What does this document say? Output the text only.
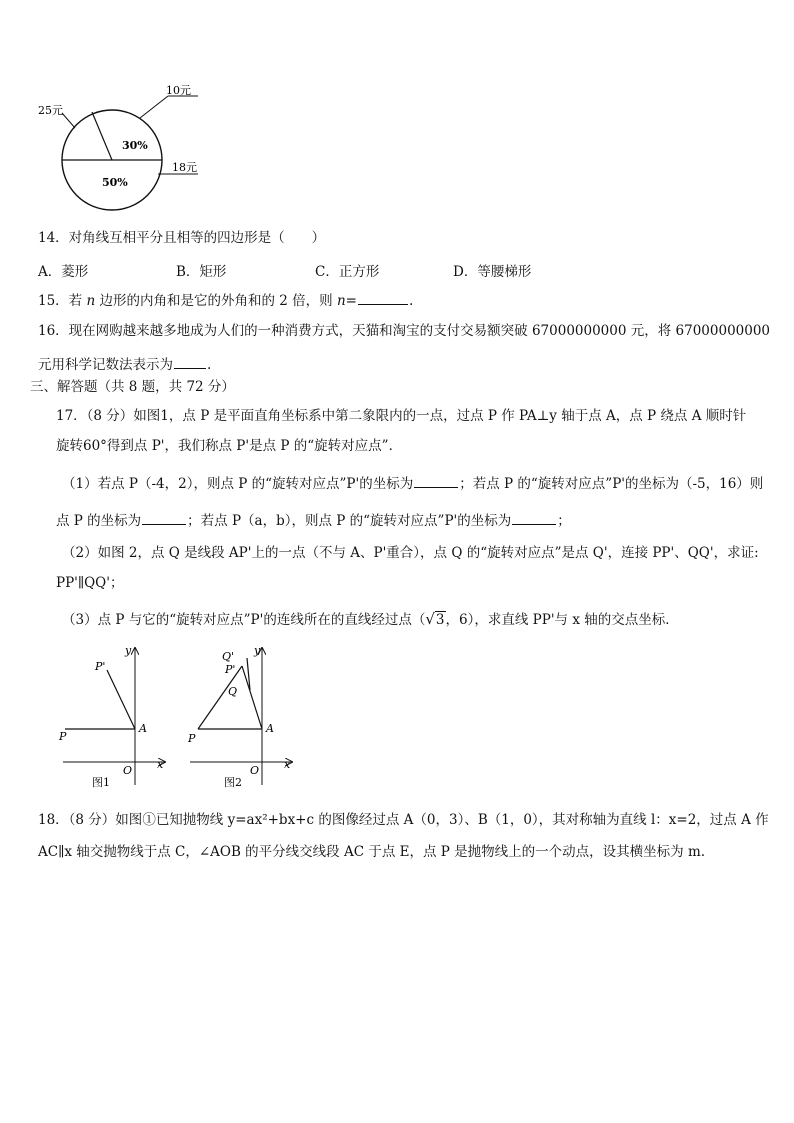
25元
10元
18元
30%
50%
14．对角线互相平分且相等的四边形是（　　）
A．菱形	B．矩形	C．正方形	D．等腰梯形
15．若 n 边形的内角和是它的外角和的 2 倍，则 n=	.
16．现在网购越来越多地成为人们的一种消费方式，天猫和淘宝的支付交易额突破 67000000000 元，将 67000000000
元用科学记数法表示为	.
三、解答题（共 8 题，共 72 分）
17．（8 分）如图1，点 P 是平面直角坐标系中第二象限内的一点，过点 P 作 PA⊥y 轴于点 A，点 P 绕点 A 顺时针
旋转60°得到点 P'，我们称点 P'是点 P 的“旋转对应点”．
（1）若点 P（-4，2），则点 P 的“旋转对应点”P'的坐标为	；若点 P 的“旋转对应点”P'的坐标为（-5，16）则
点 P 的坐标为	；若点 P（a，b），则点 P 的“旋转对应点”P'的坐标为	；
（2）如图 2，点 Q 是线段 AP'上的一点（不与 A、P'重合），点 Q 的“旋转对应点”是点 Q'，连接 PP'、QQ'，求证:
PP'∥QQ'；
（3）点 P 与它的“旋转对应点”P'的连线所在的直线经过点（√3，6），求直线 PP'与 x 轴的交点坐标．
y
P'
A
P
O x
图1
y
Q'
P'
Q
A
P
O x
图2
18．（8 分）如图①已知抛物线 y=ax²+bx+c 的图像经过点 A（0，3）、B（1，0），其对称轴为直线 l：x=2，过点 A 作
AC∥x 轴交抛物线于点 C，∠AOB 的平分线交线段 AC 于点 E，点 P 是抛物线上的一个动点，设其横坐标为 m.
